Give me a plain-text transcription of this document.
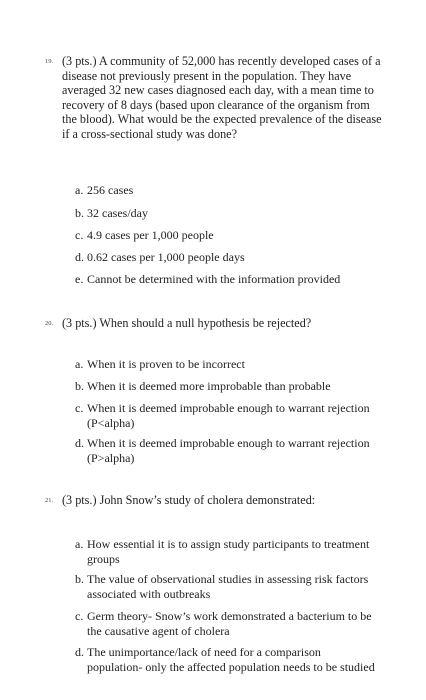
19. (3 pts.) A community of 52,000 has recently developed cases of a disease not previously present in the population. They have averaged 32 new cases diagnosed each day, with a mean time to recovery of 8 days (based upon clearance of the organism from the blood). What would be the expected prevalence of the disease if a cross-sectional study was done?
a. 256 cases
b. 32 cases/day
c. 4.9 cases per 1,000 people
d. 0.62 cases per 1,000 people days
e. Cannot be determined with the information provided
20. (3 pts.) When should a null hypothesis be rejected?
a. When it is proven to be incorrect
b. When it is deemed more improbable than probable
c. When it is deemed improbable enough to warrant rejection (P<alpha)
d. When it is deemed improbable enough to warrant rejection (P>alpha)
21. (3 pts.) John Snow’s study of cholera demonstrated:
a. How essential it is to assign study participants to treatment groups
b. The value of observational studies in assessing risk factors associated with outbreaks
c. Germ theory- Snow’s work demonstrated a bacterium to be the causative agent of cholera
d. The unimportance/lack of need for a comparison population- only the affected population needs to be studied
